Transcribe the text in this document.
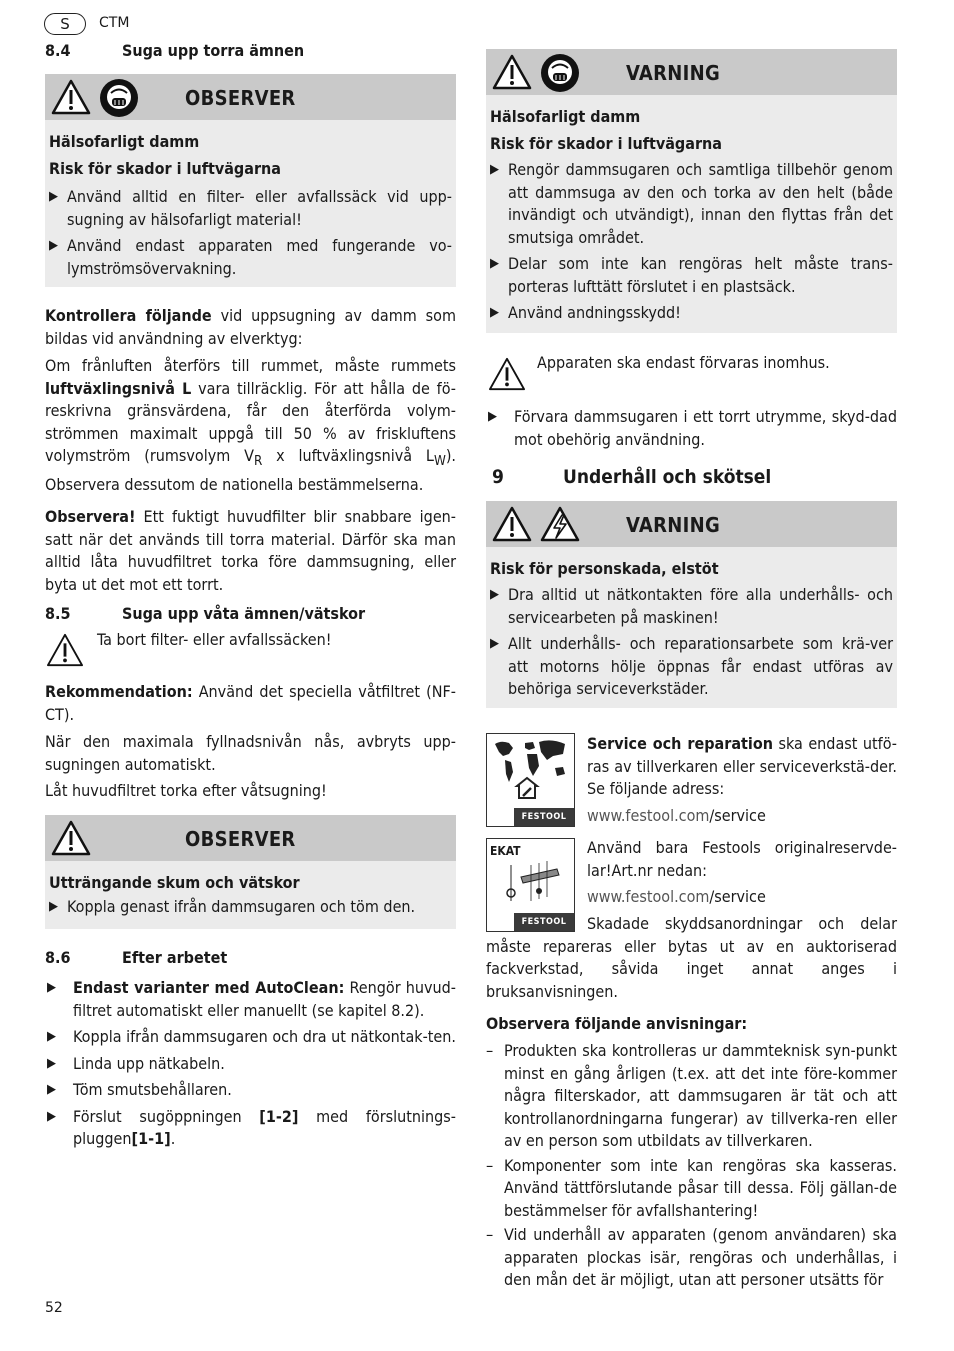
S	CTM
8.4	Suga upp torra ämnen
OBSERVER
Hälsofarligt damm
Risk för skador i luftvägarna
▶ Använd alltid en filter- eller avfallssäck vid upp-sugning av hälsofarligt material!
▶ Använd endast apparaten med fungerande vo-lymströmsövervakning.
Kontrollera följande vid uppsugning av damm som bildas vid användning av elverktyg:
Om frånluften återförs till rummet, måste rummets luftväxlingsnivå L vara tillräcklig. För att hålla de fö-reskrivna gränsvärdena, får den återförda volym-strömmen maximalt uppgå till 50 % av friskluftens volymström (rumsvolym $V_R$ x luftväxlingsnivå $L_W$). Observera dessutom de nationella bestämmelserna.
Observera! Ett fuktigt huvudfilter blir snabbare igen-satt när det används till torra material. Därför ska man alltid låta huvudfiltret torka före dammsugning, eller byta ut det mot ett torrt.
8.5	Suga upp våta ämnen/vätskor
Ta bort filter- eller avfallssäcken!
Rekommendation: Använd det speciella våtfiltret (NF-CT).
När den maximala fyllnadsnivån nås, avbryts upp-sugningen automatiskt.
Låt huvudfiltret torka efter våtsugning!
OBSERVER
Utträngande skum och vätskor
▶ Koppla genast ifrån dammsugaren och töm den.
8.6	Efter arbetet
▶ Endast varianter med AutoClean: Rengör huvud-filtret automatiskt eller manuellt (se kapitel 8.2).
▶ Koppla ifrån dammsugaren och dra ut nätkontak-ten.
▶ Linda upp nätkabeln.
▶ Töm smutsbehållaren.
▶ Förslut sugöppningen [1-2] med förslutnings-pluggen[1-1].
VARNING
Hälsofarligt damm
Risk för skador i luftvägarna
▶ Rengör dammsugaren och samtliga tillbehör genom att dammsuga av den och torka av den helt (både invändigt och utvändigt), innan den flyttas från det smutsiga området.
▶ Delar som inte kan rengöras helt måste trans-porteras lufttätt förslutet i en plastsäck.
▶ Använd andningsskydd!
Apparaten ska endast förvaras inomhus.
▶ Förvara dammsugaren i ett torrt utrymme, skyd-dad mot obehörig användning.
9	Underhåll och skötsel
VARNING
Risk för personskada, elstöt
▶ Dra alltid ut nätkontakten före alla underhålls- och servicearbeten på maskinen!
▶ Allt underhålls- och reparationsarbete som krä-ver att motorns hölje öppnas får endast utföras av behöriga serviceverkstäder.
FESTOOL
Service och reparation ska endast utfö-ras av tillverkaren eller serviceverkstä-der. Se följande adress:
www.festool.com/service
EKAT
FESTOOL
Använd bara Festools originalreservde-lar!Art.nr nedan:
www.festool.com/service
Skadade skyddsanordningar och delar måste repareras eller bytas ut av en auktoriserad fackverkstad, såvida inget annat anges i bruksanvisningen.
Observera följande anvisningar:
– Produkten ska kontrolleras ur dammteknisk syn-punkt minst en gång årligen (t.ex. att det inte före-kommer några filterskador, att dammsugaren är tät och att kontrollanordningarna fungerar) av tillverka-ren eller av en person som utbildats av tillverkaren.
– Komponenter som inte kan rengöras ska kasseras. Använd tättförslutande påsar till dessa. Följ gällan-de bestämmelser för avfallshantering!
– Vid underhåll av apparaten (genom användaren) ska apparaten plockas isär, rengöras och underhållas, i den mån det är möjligt, utan att personer utsätts för
52
